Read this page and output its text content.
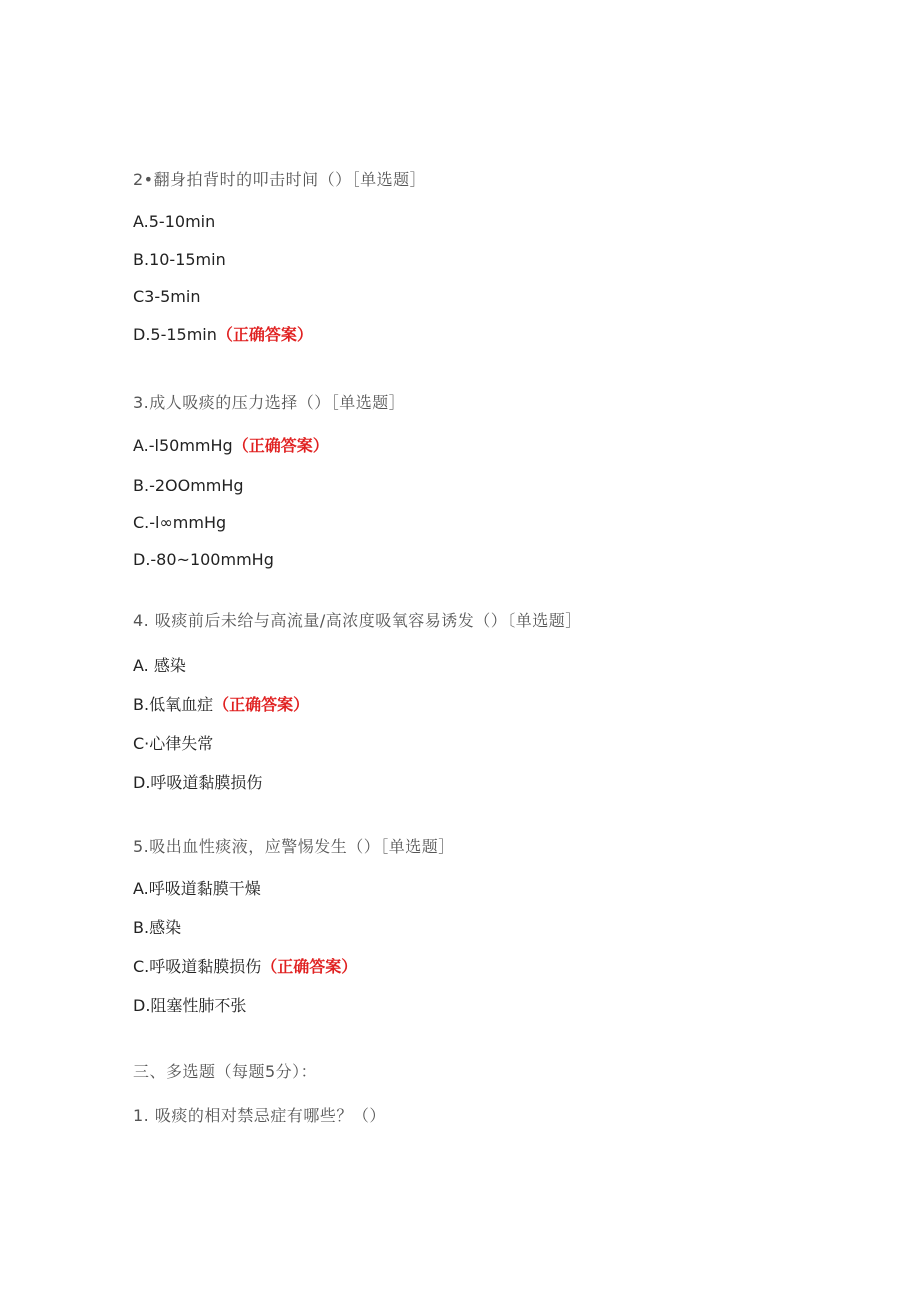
2•翻身拍背时的叩击时间（）［单选题］
A.5-10min
B.10-15min
C3-5min
D.5-15min（正确答案）
3.成人吸痰的压力选择（）［单选题］
A.-l50mmHg（正确答案）
B.-2OOmmHg
C.-l∞mmHg
D.-80~100mmHg
4. 吸痰前后未给与高流量/高浓度吸氧容易诱发（）〔单选题］
A. 感染
B.低氧血症（正确答案）
C·心律失常
D.呼吸道黏膜损伤
5.吸出血性痰液，应警惕发生（）［单选题］
A.呼吸道黏膜干燥
B.感染
C.呼吸道黏膜损伤（正确答案）
D.阻塞性肺不张
三、多选题（每题5分）：
1. 吸痰的相对禁忌症有哪些？（）
